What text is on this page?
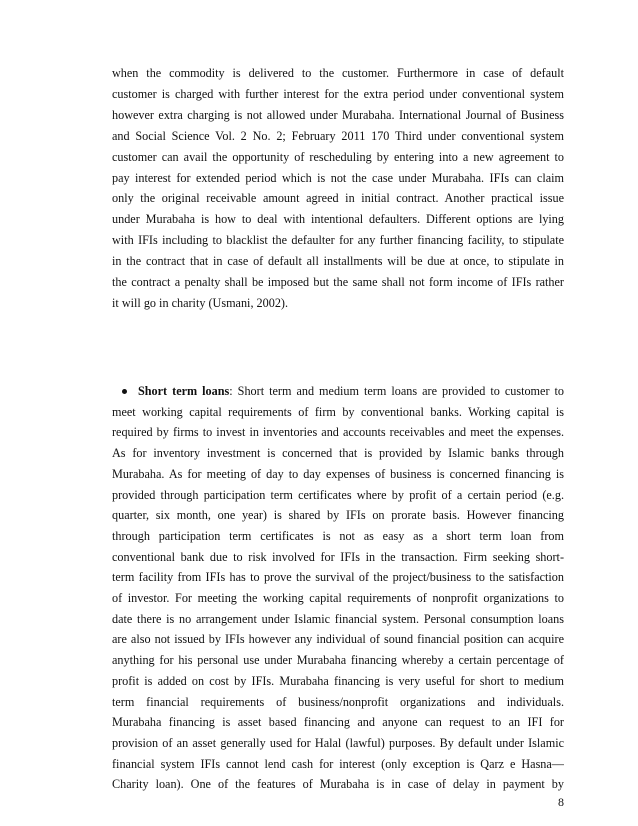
when the commodity is delivered to the customer. Furthermore in case of default
customer is charged with further interest for the extra period under conventional system
however extra charging is not allowed under Murabaha. International Journal of Business
and Social Science Vol. 2 No. 2; February 2011 170 Third under conventional system
customer can avail the opportunity of rescheduling by entering into a new agreement to
pay interest for extended period which is not the case under Murabaha. IFIs can claim
only the original receivable amount agreed in initial contract. Another practical issue
under Murabaha is how to deal with intentional defaulters. Different options are lying
with IFIs including to blacklist the defaulter for any further financing facility, to stipulate
in the contract that in case of default all installments will be due at once, to stipulate in
the contract a penalty shall be imposed but the same shall not form income of IFIs rather
it will go in charity (Usmani, 2002).
Short term loans: Short term and medium term loans are provided to customer to
meet working capital requirements of firm by conventional banks. Working capital is
required by firms to invest in inventories and accounts receivables and meet the expenses.
As for inventory investment is concerned that is provided by Islamic banks through
Murabaha. As for meeting of day to day expenses of business is concerned financing is
provided through participation term certificates where by profit of a certain period (e.g.
quarter, six month, one year) is shared by IFIs on prorate basis. However financing
through participation term certificates is not as easy as a short term loan from
conventional bank due to risk involved for IFIs in the transaction. Firm seeking short-
term facility from IFIs has to prove the survival of the project/business to the satisfaction
of investor. For meeting the working capital requirements of nonprofit organizations to
date there is no arrangement under Islamic financial system. Personal consumption loans
are also not issued by IFIs however any individual of sound financial position can acquire
anything for his personal use under Murabaha financing whereby a certain percentage of
profit is added on cost by IFIs. Murabaha financing is very useful for short to medium
term financial requirements of business/nonprofit organizations and individuals.
Murabaha financing is asset based financing and anyone can request to an IFI for
provision of an asset generally used for Halal (lawful) purposes. By default under Islamic
financial system IFIs cannot lend cash for interest (only exception is Qarz e Hasna—
Charity loan). One of the features of Murabaha is in case of delay in payment by
8
